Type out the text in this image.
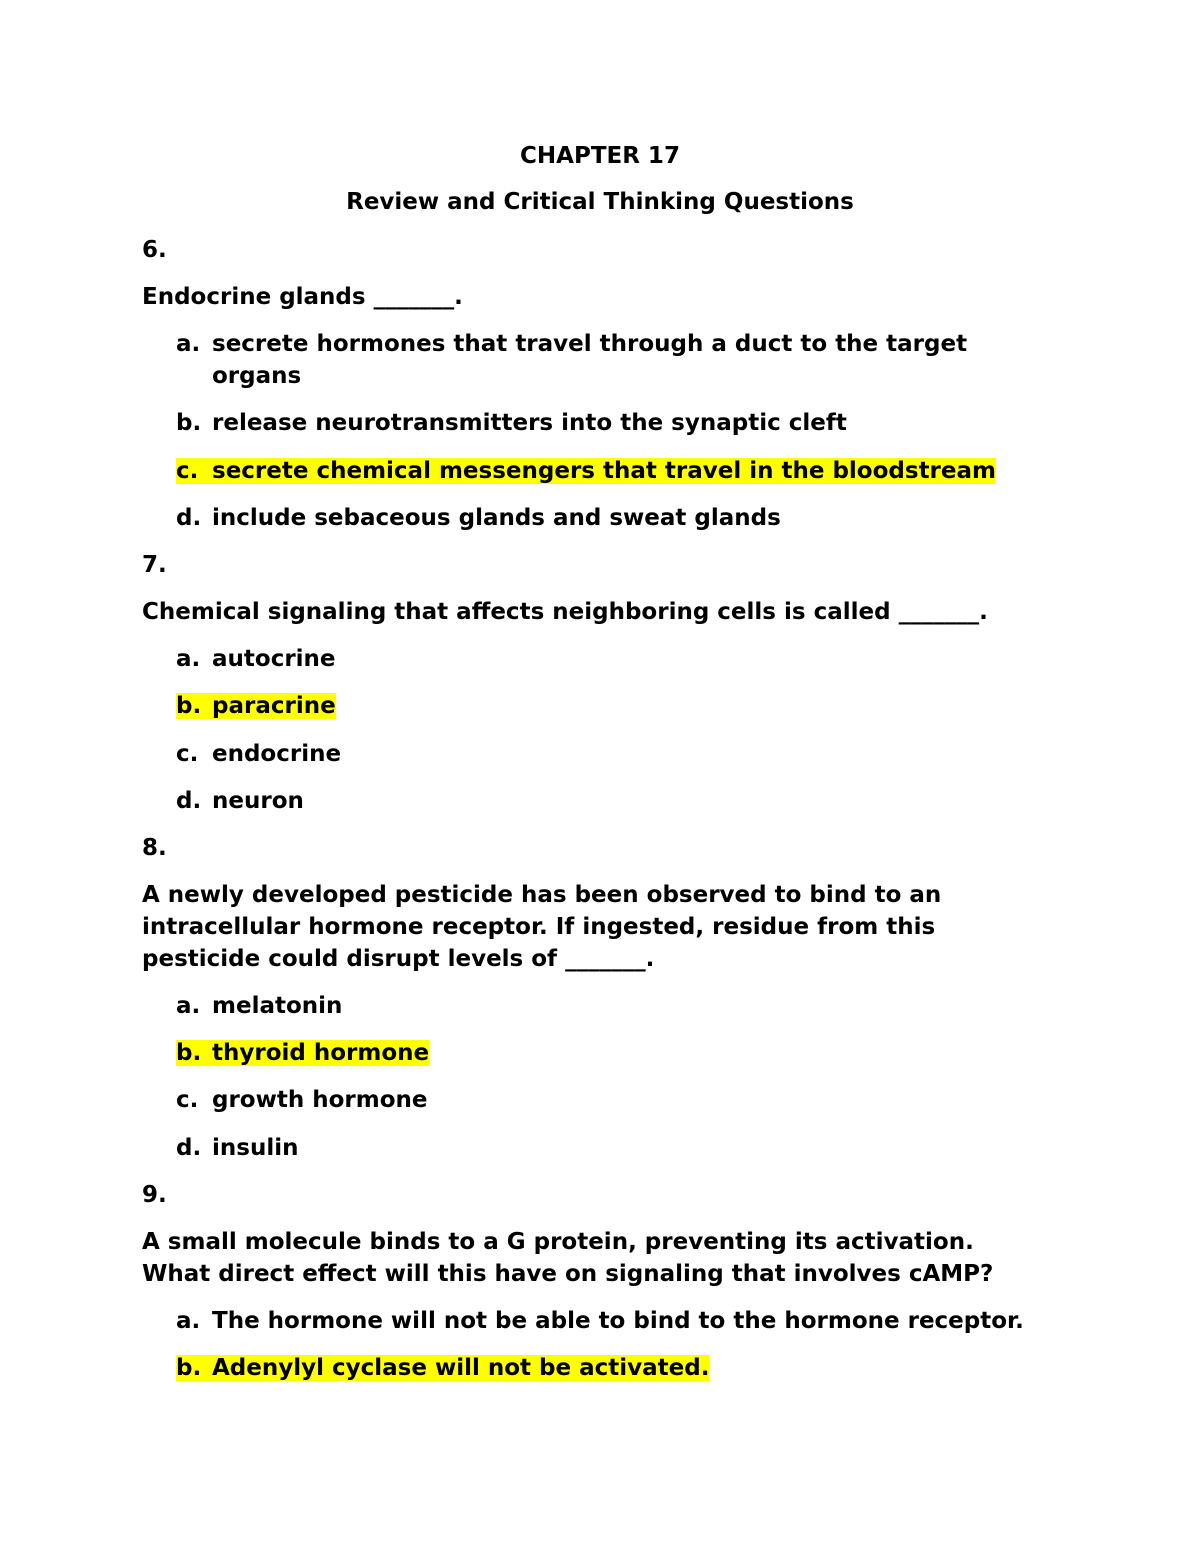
CHAPTER 17
Review and Critical Thinking Questions
6.
Endocrine glands _______.
a. secrete hormones that travel through a duct to the target
organs
b. release neurotransmitters into the synaptic cleft
c. secrete chemical messengers that travel in the bloodstream
d. include sebaceous glands and sweat glands
7.
Chemical signaling that affects neighboring cells is called _______.
a. autocrine
b. paracrine
c. endocrine
d. neuron
8.
A newly developed pesticide has been observed to bind to an
intracellular hormone receptor. If ingested, residue from this
pesticide could disrupt levels of _______.
a. melatonin
b. thyroid hormone
c. growth hormone
d. insulin
9.
A small molecule binds to a G protein, preventing its activation.
What direct effect will this have on signaling that involves cAMP?
a. The hormone will not be able to bind to the hormone receptor.
b. Adenylyl cyclase will not be activated.
